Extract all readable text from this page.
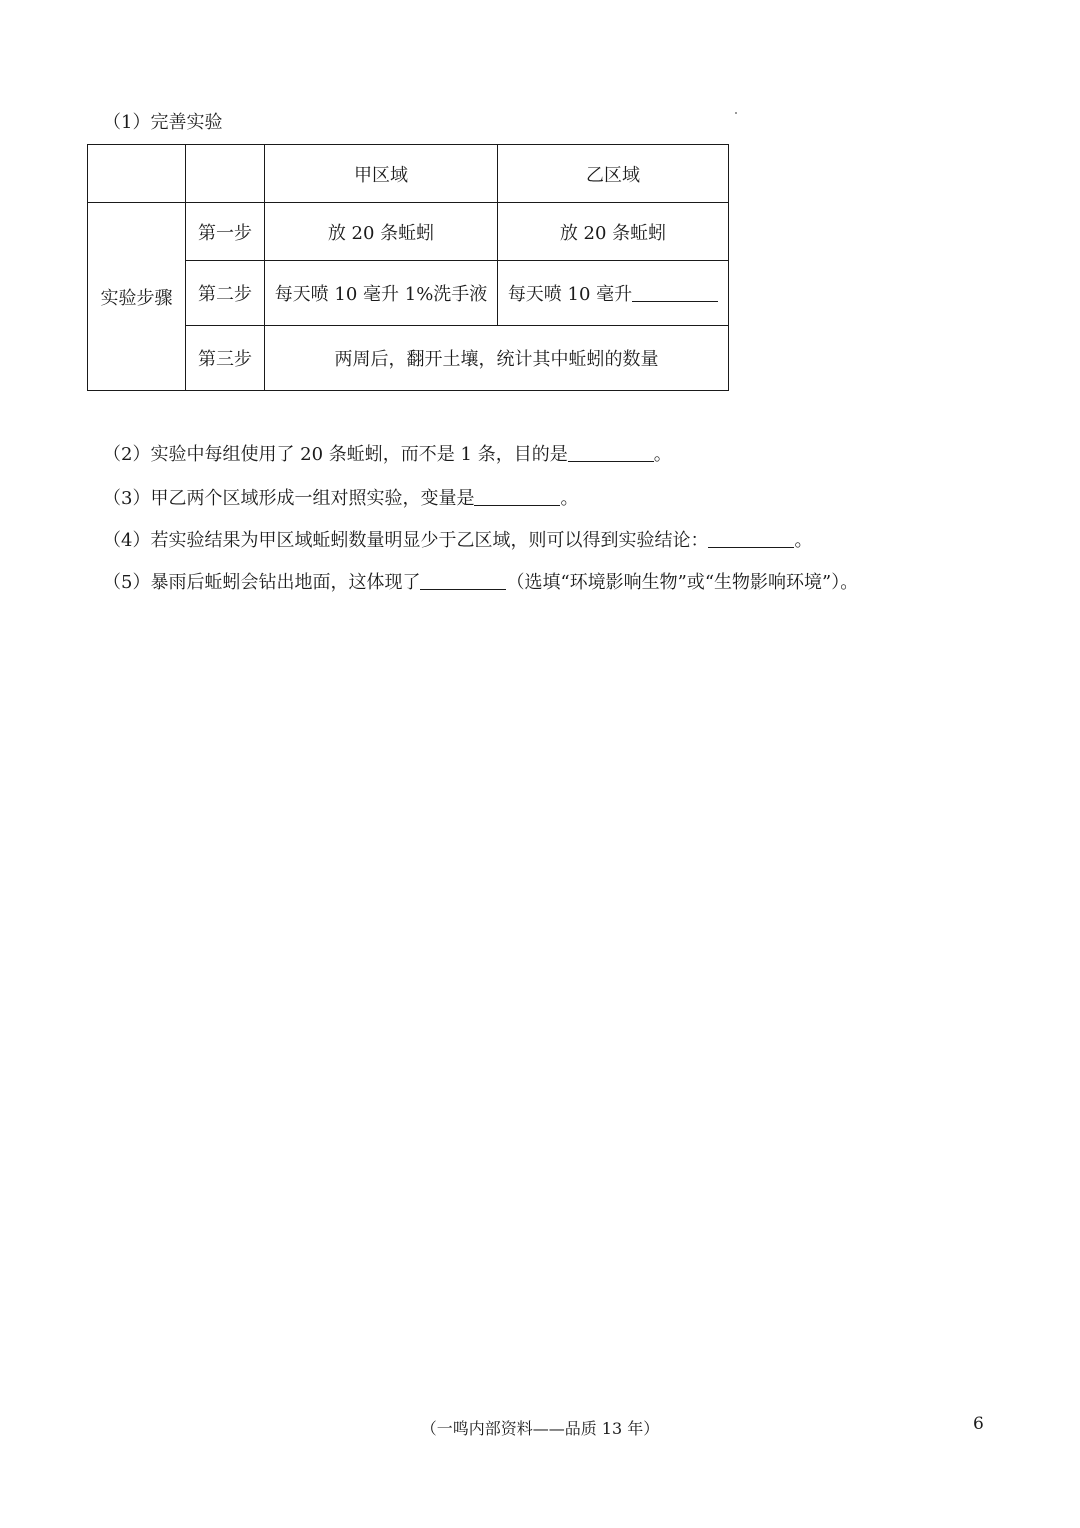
（1）完善实验
		甲区域	乙区域
实验步骤	第一步	放 20 条蚯蚓	放 20 条蚯蚓
	第二步	每天喷 10 毫升 1%洗手液	每天喷 10 毫升
	第三步	两周后，翻开土壤，统计其中蚯蚓的数量	
（2）实验中每组使用了 20 条蚯蚓，而不是 1 条，目的是	。
（3）甲乙两个区域形成一组对照实验，变量是	。
（4）若实验结果为甲区域蚯蚓数量明显少于乙区域，则可以得到实验结论：	。
（5）暴雨后蚯蚓会钻出地面，这体现了	（选填“环境影响生物”或“生物影响环境”）。
（一鸣内部资料——品质 13 年）	6
